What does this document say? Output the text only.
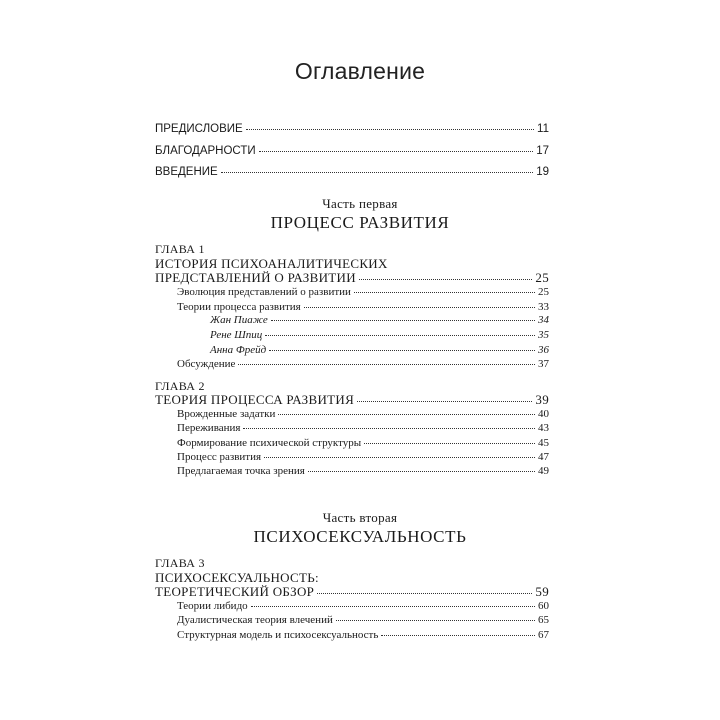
Оглавление
ПРЕДИСЛОВИЕ	11
БЛАГОДАРНОСТИ	17
ВВЕДЕНИЕ	19
Часть первая
ПРОЦЕСС РАЗВИТИЯ
ГЛАВА 1
ИСТОРИЯ ПСИХОАНАЛИТИЧЕСКИХ
ПРЕДСТАВЛЕНИЙ О РАЗВИТИИ	25
Эволюция представлений о развитии	25
Теории процесса развития	33
Жан Пиаже	34
Рене Шпиц	35
Анна Фрейд	36
Обсуждение	37
ГЛАВА 2
ТЕОРИЯ ПРОЦЕССА РАЗВИТИЯ	39
Врожденные задатки	40
Переживания	43
Формирование психической структуры	45
Процесс развития	47
Предлагаемая точка зрения	49
Часть вторая
ПСИХОСЕКСУАЛЬНОСТЬ
ГЛАВА 3
ПСИХОСЕКСУАЛЬНОСТЬ:
ТЕОРЕТИЧЕСКИЙ ОБЗОР	59
Теории либидо	60
Дуалистическая теория влечений	65
Структурная модель и психосексуальность	67
